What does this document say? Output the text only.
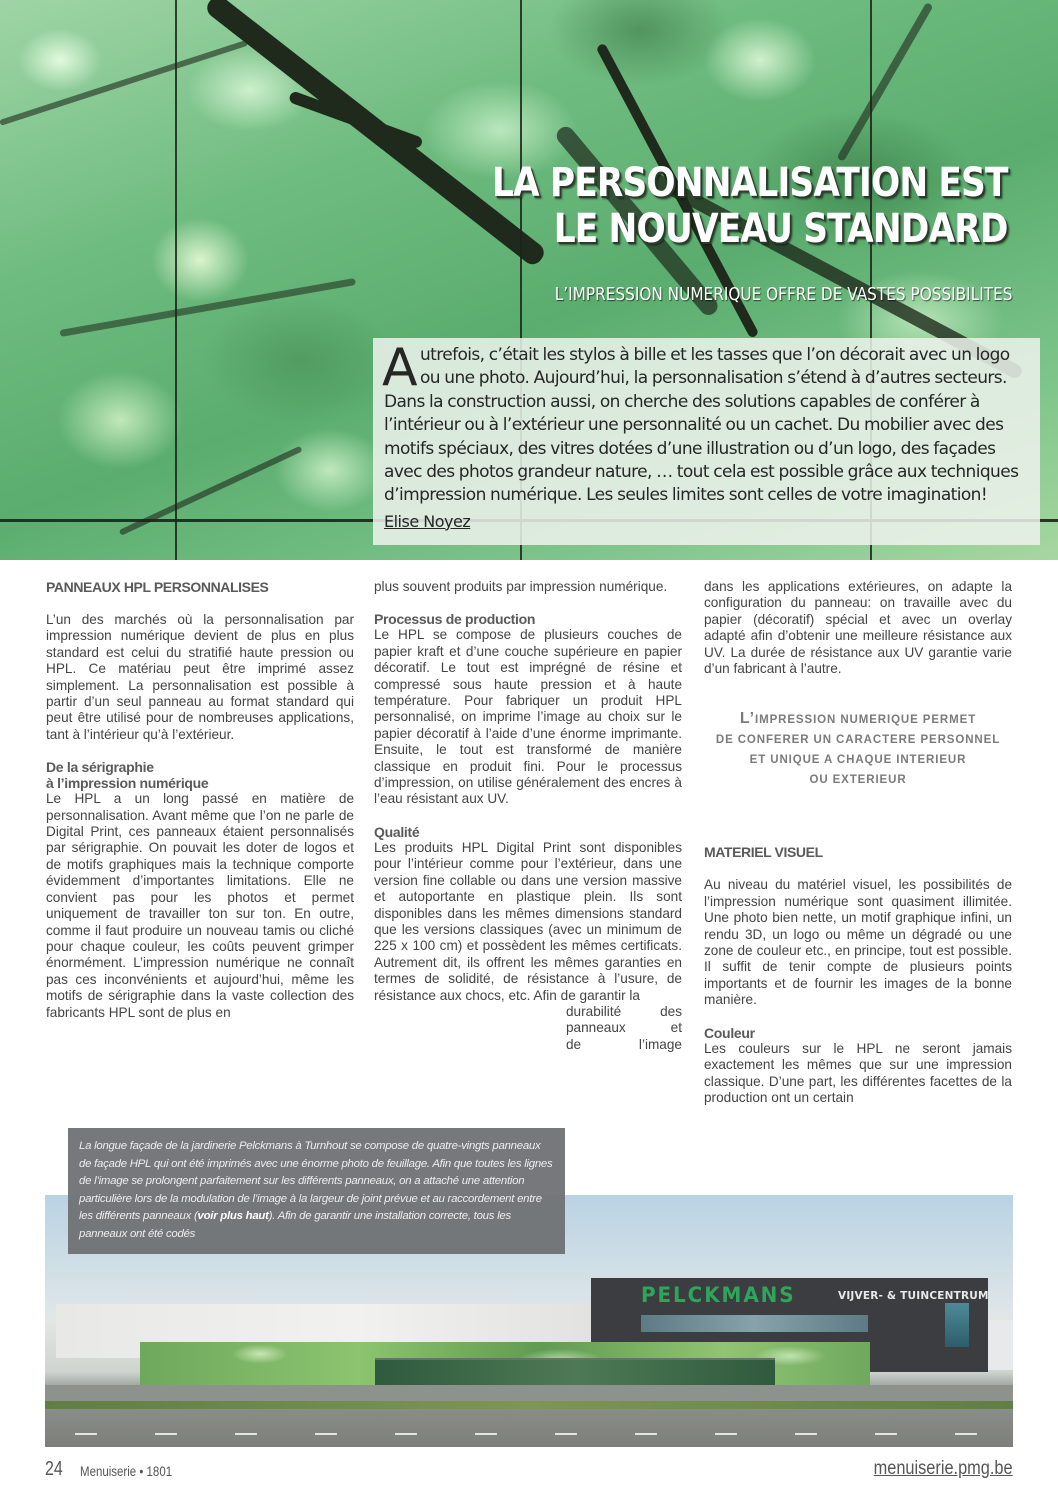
LA PERSONNALISATION EST
LE NOUVEAU STANDARD
L’IMPRESSION NUMERIQUE OFFRE DE VASTES POSSIBILITES
Autrefois, c’était les stylos à bille et les tasses que l’on décorait avec un logo ou une photo. Aujourd’hui, la personnalisation s’étend à d’autres secteurs. Dans la construction aussi, on cherche des solutions capables de conférer à l’intérieur ou à l’extérieur une personnalité ou un cachet. Du mobilier avec des motifs spéciaux, des vitres dotées d’une illustration ou d’un logo, des façades avec des photos grandeur nature, … tout cela est possible grâce aux techniques d’impression numérique. Les seules limites sont celles de votre imagination!
Elise Noyez
PANNEAUX HPL PERSONNALISES

L’un des marchés où la personnalisation par impression numérique devient de plus en plus standard est celui du stratifié haute pression ou HPL. Ce matériau peut être imprimé assez simplement. La personnalisation est possible à partir d’un seul panneau au format standard qui peut être utilisé pour de nombreuses applications, tant à l’intérieur qu’à l’extérieur.

De la sérigraphie
à l’impression numérique

Le HPL a un long passé en matière de personnalisation. Avant même que l’on ne parle de Digital Print, ces panneaux étaient personnalisés par sérigraphie. On pouvait les doter de logos et de motifs graphiques mais la technique comporte évidemment d’importantes limitations. Elle ne convient pas pour les photos et permet uniquement de travailler ton sur ton. En outre, comme il faut produire un nouveau tamis ou cliché pour chaque couleur, les coûts peuvent grimper énormément. L’impression numérique ne connaît pas ces inconvénients et aujourd’hui, même les motifs de sérigraphie dans la vaste collection des fabricants HPL sont de plus en

plus souvent produits par impression numérique.

Processus de production

Le HPL se compose de plusieurs couches de papier kraft et d’une couche supérieure en papier décoratif. Le tout est imprégné de résine et compressé sous haute pression et à haute température. Pour fabriquer un produit HPL personnalisé, on imprime l’image au choix sur le papier décoratif à l’aide d’une énorme imprimante. Ensuite, le tout est transformé de manière classique en produit fini. Pour le processus d’impression, on utilise généralement des encres à l’eau résistant aux UV.

Qualité

Les produits HPL Digital Print sont disponibles pour l’intérieur comme pour l’extérieur, dans une version fine collable ou dans une version massive et autoportante en plastique plein. Ils sont disponibles dans les mêmes dimensions standard que les versions classiques (avec un minimum de 225 x 100 cm) et possèdent les mêmes certificats. Autrement dit, ils offrent les mêmes garanties en termes de solidité, de résistance à l’usure, de résistance aux chocs, etc. Afin de garantir la

durabilité des
panneaux et
de l’image

dans les applications extérieures, on adapte la configuration du panneau: on travaille avec du papier (décoratif) spécial et avec un overlay adapté afin d’obtenir une meilleure résistance aux UV. La durée de résistance aux UV garantie varie d’un fabricant à l’autre.

L’IMPRESSION NUMERIQUE PERMET
DE CONFERER UN CARACTERE PERSONNEL
ET UNIQUE A CHAQUE INTERIEUR
OU EXTERIEUR
MATERIEL VISUEL

Au niveau du matériel visuel, les possibilités de l’impression numérique sont quasiment illimitée. Une photo bien nette, un motif graphique infini, un rendu 3D, un logo ou même un dégradé ou une zone de couleur etc., en principe, tout est possible. Il suffit de tenir compte de plusieurs points importants et de fournir les images de la bonne manière.

Couleur

Les couleurs sur le HPL ne seront jamais exactement les mêmes que sur une impression classique. D’une part, les différentes facettes de la production ont un certain

PELCKMANS	VIJVER- & TUINCENTRUM
La longue façade de la jardinerie Pelckmans à Turnhout se compose de quatre-vingts panneaux de façade HPL qui ont été imprimés avec une énorme photo de feuillage. Afin que toutes les lignes de l’image se prolongent parfaitement sur les différents panneaux, on a attaché une attention particulière lors de la modulation de l’image à la largeur de joint prévue et au raccordement entre les différents panneaux (voir plus haut). Afin de garantir une installation correcte, tous les panneaux ont été codés
24 Menuiserie • 1801	menuiserie.pmg.be
